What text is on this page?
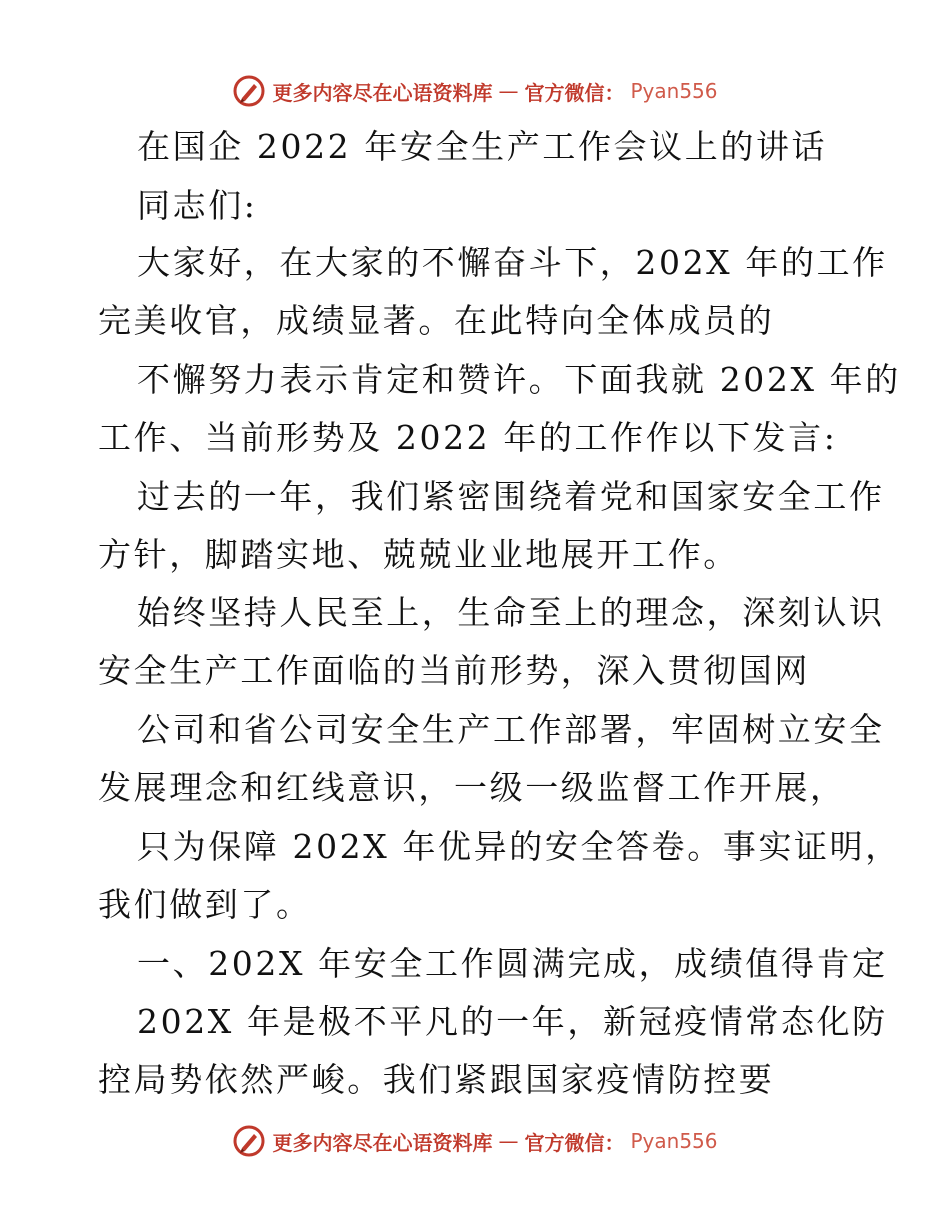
更多内容尽在心语资料库 — 官方微信： Pyan556
在国企 2022 年安全生产工作会议上的讲话
同志们:
大家好，在大家的不懈奋斗下，202X 年的工作
完美收官，成绩显著。在此特向全体成员的
不懈努力表示肯定和赞许。下面我就 202X 年的
工作、当前形势及 2022 年的工作作以下发言:
过去的一年，我们紧密围绕着党和国家安全工作
方针，脚踏实地、兢兢业业地展开工作。
始终坚持人民至上，生命至上的理念，深刻认识
安全生产工作面临的当前形势，深入贯彻国网
公司和省公司安全生产工作部署，牢固树立安全
发展理念和红线意识，一级一级监督工作开展，
只为保障 202X 年优异的安全答卷。事实证明，
我们做到了。
一、202X 年安全工作圆满完成，成绩值得肯定
202X 年是极不平凡的一年，新冠疫情常态化防
控局势依然严峻。我们紧跟国家疫情防控要
更多内容尽在心语资料库 — 官方微信： Pyan556
